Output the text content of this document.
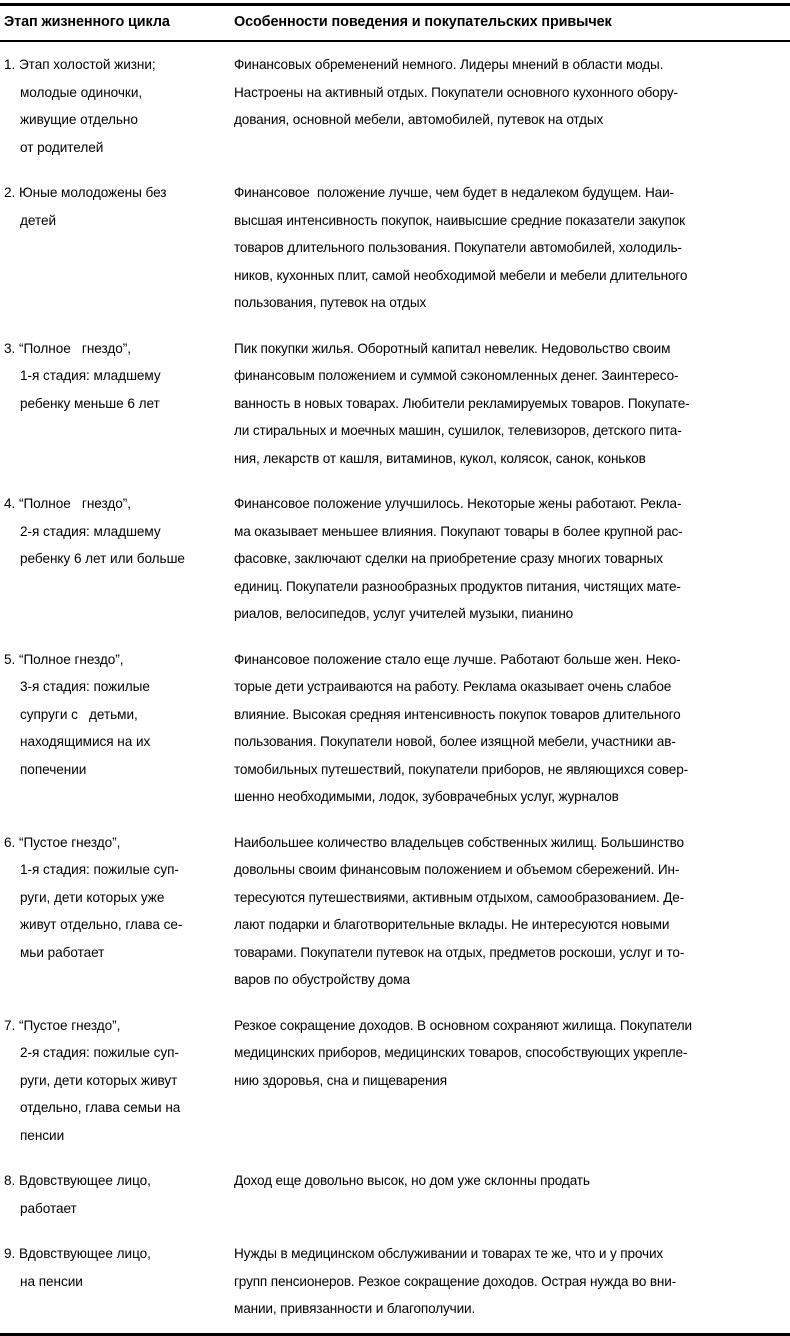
Этап жизненного цикла	Особенности поведения и покупательских привычек
1. Этап холостой жизни;
молодые одиночки,
живущие отдельно
от родителей
Финансовых обременений немного. Лидеры мнений в области моды.
Настроены на активный отдых. Покупатели основного кухонного обору-
дования, основной мебели, автомобилей, путевок на отдых
2. Юные молодожены без
детей
Финансовое  положение лучше, чем будет в недалеком будущем. Наи-
высшая интенсивность покупок, наивысшие средние показатели закупок
товаров длительного пользования. Покупатели автомобилей, холодиль-
ников, кухонных плит, самой необходимой мебели и мебели длительного
пользования, путевок на отдых
3. “Полное   гнездо”,
1-я стадия: младшему
ребенку меньше 6 лет
Пик покупки жилья. Оборотный капитал невелик. Недовольство своим
финансовым положением и суммой сэкономленных денег. Заинтересо-
ванность в новых товарах. Любители рекламируемых товаров. Покупате-
ли стиральных и моечных машин, сушилок, телевизоров, детского пита-
ния, лекарств от кашля, витаминов, кукол, колясок, санок, коньков
4. “Полное   гнездо”,
2-я стадия: младшему
ребенку 6 лет или больше
Финансовое положение улучшилось. Некоторые жены работают. Рекла-
ма оказывает меньшее влияния. Покупают товары в более крупной рас-
фасовке, заключают сделки на приобретение сразу многих товарных
единиц. Покупатели разнообразных продуктов питания, чистящих мате-
риалов, велосипедов, услуг учителей музыки, пианино
5. “Полное гнездо”,
3-я стадия: пожилые
супруги с   детьми,
находящимися на их
попечении
Финансовое положение стало еще лучше. Работают больше жен. Неко-
торые дети устраиваются на работу. Реклама оказывает очень слабое
влияние. Высокая средняя интенсивность покупок товаров длительного
пользования. Покупатели новой, более изящной мебели, участники ав-
томобильных путешествий, покупатели приборов, не являющихся совер-
шенно необходимыми, лодок, зубоврачебных услуг, журналов
6. “Пустое гнездо”,
1-я стадия: пожилые суп-
руги, дети которых уже
живут отдельно, глава се-
мьи работает
Наибольшее количество владельцев собственных жилищ. Большинство
довольны своим финансовым положением и объемом сбережений. Ин-
тересуются путешествиями, активным отдыхом, самообразованием. Де-
лают подарки и благотворительные вклады. Не интересуются новыми
товарами. Покупатели путевок на отдых, предметов роскоши, услуг и то-
варов по обустройству дома
7. “Пустое гнездо”,
2-я стадия: пожилые суп-
руги, дети которых живут
отдельно, глава семьи на
пенсии
Резкое сокращение доходов. В основном сохраняют жилища. Покупатели
медицинских приборов, медицинских товаров, способствующих укрепле-
нию здоровья, сна и пищеварения
8. Вдовствующее лицо,
работает
Доход еще довольно высок, но дом уже склонны продать
9. Вдовствующее лицо,
на пенсии
Нужды в медицинском обслуживании и товарах те же, что и у прочих
групп пенсионеров. Резкое сокращение доходов. Острая нужда во вни-
мании, привязанности и благополучии.
